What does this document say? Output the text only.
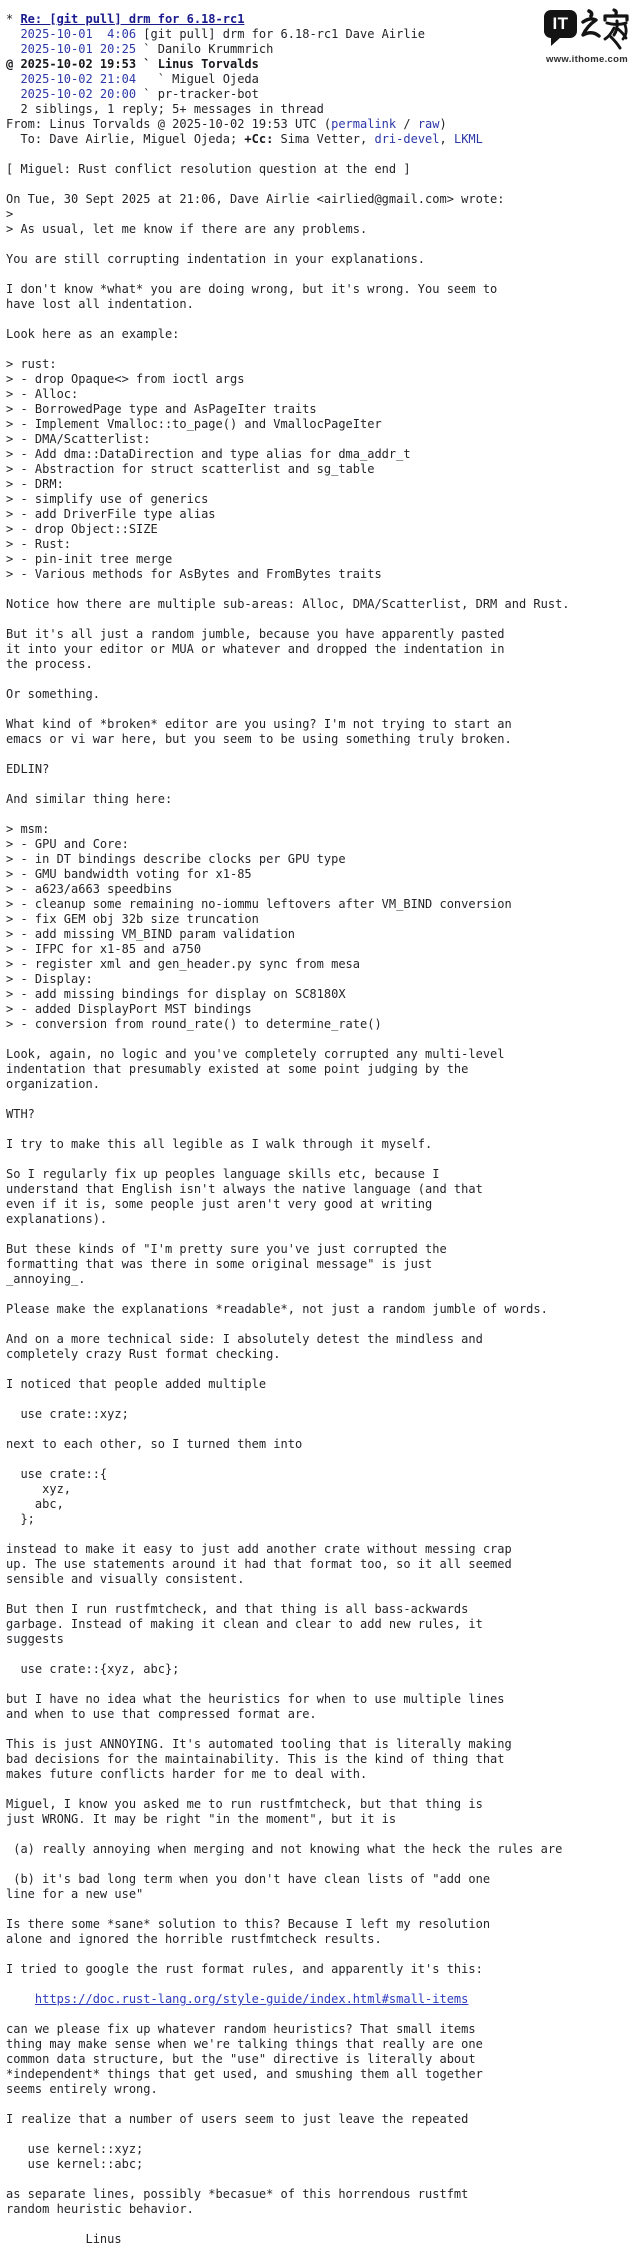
* Re: [git pull] drm for 6.18-rc1
2025-10-01  4:06 [git pull] drm for 6.18-rc1 Dave Airlie
2025-10-01 20:25 ` Danilo Krummrich
@ 2025-10-02 19:53 ` Linus Torvalds
2025-10-02 21:04   ` Miguel Ojeda
2025-10-02 20:00 ` pr-tracker-bot
2 siblings, 1 reply; 5+ messages in thread
From: Linus Torvalds @ 2025-10-02 19:53 UTC (permalink / raw)
To: Dave Airlie, Miguel Ojeda; +Cc: Sima Vetter, dri-devel, LKML
[ Miguel: Rust conflict resolution question at the end ]
On Tue, 30 Sept 2025 at 21:06, Dave Airlie <airlied@gmail.com> wrote:
>
> As usual, let me know if there are any problems.
You are still corrupting indentation in your explanations.
I don't know *what* you are doing wrong, but it's wrong. You seem to
have lost all indentation.
Look here as an example:
> rust:
> - drop Opaque<> from ioctl args
> - Alloc:
> - BorrowedPage type and AsPageIter traits
> - Implement Vmalloc::to_page() and VmallocPageIter
> - DMA/Scatterlist:
> - Add dma::DataDirection and type alias for dma_addr_t
> - Abstraction for struct scatterlist and sg_table
> - DRM:
> - simplify use of generics
> - add DriverFile type alias
> - drop Object::SIZE
> - Rust:
> - pin-init tree merge
> - Various methods for AsBytes and FromBytes traits
Notice how there are multiple sub-areas: Alloc, DMA/Scatterlist, DRM and Rust.
But it's all just a random jumble, because you have apparently pasted
it into your editor or MUA or whatever and dropped the indentation in
the process.
Or something.
What kind of *broken* editor are you using? I'm not trying to start an
emacs or vi war here, but you seem to be using something truly broken.
EDLIN?
And similar thing here:
> msm:
> - GPU and Core:
> - in DT bindings describe clocks per GPU type
> - GMU bandwidth voting for x1-85
> - a623/a663 speedbins
> - cleanup some remaining no-iommu leftovers after VM_BIND conversion
> - fix GEM obj 32b size truncation
> - add missing VM_BIND param validation
> - IFPC for x1-85 and a750
> - register xml and gen_header.py sync from mesa
> - Display:
> - add missing bindings for display on SC8180X
> - added DisplayPort MST bindings
> - conversion from round_rate() to determine_rate()
Look, again, no logic and you've completely corrupted any multi-level
indentation that presumably existed at some point judging by the
organization.
WTH?
I try to make this all legible as I walk through it myself.
So I regularly fix up peoples language skills etc, because I
understand that English isn't always the native language (and that
even if it is, some people just aren't very good at writing
explanations).
But these kinds of "I'm pretty sure you've just corrupted the
formatting that was there in some original message" is just
_annoying_.
Please make the explanations *readable*, not just a random jumble of words.
And on a more technical side: I absolutely detest the mindless and
completely crazy Rust format checking.
I noticed that people added multiple
use crate::xyz;
next to each other, so I turned them into
use crate::{
xyz,
abc,
};
instead to make it easy to just add another crate without messing crap
up. The use statements around it had that format too, so it all seemed
sensible and visually consistent.
But then I run rustfmtcheck, and that thing is all bass-ackwards
garbage. Instead of making it clean and clear to add new rules, it
suggests
use crate::{xyz, abc};
but I have no idea what the heuristics for when to use multiple lines
and when to use that compressed format are.
This is just ANNOYING. It's automated tooling that is literally making
bad decisions for the maintainability. This is the kind of thing that
makes future conflicts harder for me to deal with.
Miguel, I know you asked me to run rustfmtcheck, but that thing is
just WRONG. It may be right "in the moment", but it is
(a) really annoying when merging and not knowing what the heck the rules are
(b) it's bad long term when you don't have clean lists of "add one
line for a new use"
Is there some *sane* solution to this? Because I left my resolution
alone and ignored the horrible rustfmtcheck results.
I tried to google the rust format rules, and apparently it's this:
https://doc.rust-lang.org/style-guide/index.html#small-items
can we please fix up whatever random heuristics? That small items
thing may make sense when we're talking things that really are one
common data structure, but the "use" directive is literally about
*independent* things that get used, and smushing them all together
seems entirely wrong.
I realize that a number of users seem to just leave the repeated
use kernel::xyz;
use kernel::abc;
as separate lines, possibly *becasue* of this horrendous rustfmt
random heuristic behavior.
Linus
IT
www.ithome.com
